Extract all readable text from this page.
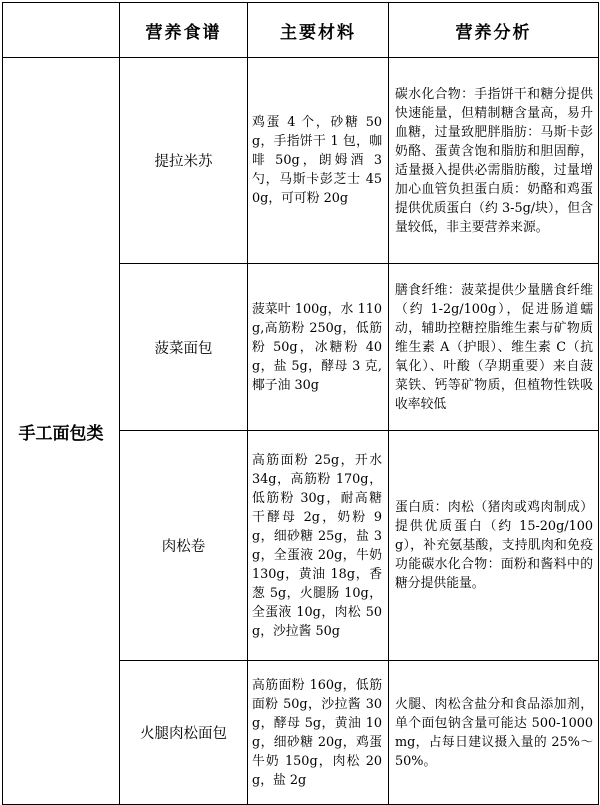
	营养食谱	主要材料	营养分析
手工面包类	提拉米苏	鸡蛋 4 个，砂糖 50g，手指饼干 1 包，咖啡 50g，朗姆酒 3 勺，马斯卡彭芝士 450g，可可粉 20g	碳水化合物：手指饼干和糖分提供快速能量，但精制糖含量高，易升血糖，过量致肥胖脂肪：马斯卡彭奶酪、蛋黄含饱和脂肪和胆固醇，适量摄入提供必需脂肪酸，过量增加心血管负担蛋白质：奶酪和鸡蛋提供优质蛋白（约 3-5g/块），但含量较低，非主要营养来源。

	菠菜面包	菠菜叶 100g，水 110g,高筋粉 250g，低筋粉 50g，冰糖粉 40g，盐 5g，酵母 3 克,椰子油 30g	膳食纤维：菠菜提供少量膳食纤维（约 1-2g/100g），促进肠道蠕动，辅助控糖控脂维生素与矿物质维生素 A（护眼）、维生素 C（抗氧化）、叶酸（孕期重要）来自菠菜铁、钙等矿物质，但植物性铁吸收率较低

	肉松卷	高筋面粉 25g，开水 34g，高筋粉 170g，低筋粉 30g，耐高糖干酵母 2g，奶粉 9g，细砂糖 25g，盐 3g，全蛋液 20g，牛奶 130g，黄油 18g，香葱 5g，火腿肠 10g，全蛋液 10g，肉松 50g，沙拉酱 50g	蛋白质：肉松（猪肉或鸡肉制成）提供优质蛋白（约 15-20g/100g），补充氨基酸，支持肌肉和免疫功能碳水化合物：面粉和酱料中的糖分提供能量。

	火腿肉松面包	高筋面粉 160g，低筋面粉 50g，沙拉酱 30g，酵母 5g，黄油 10g，细砂糖 20g，鸡蛋牛奶 150g，肉松 20g，盐 2g	火腿、肉松含盐分和食品添加剂，单个面包钠含量可能达 500-1000mg，占每日建议摄入量的 25%～50%。
